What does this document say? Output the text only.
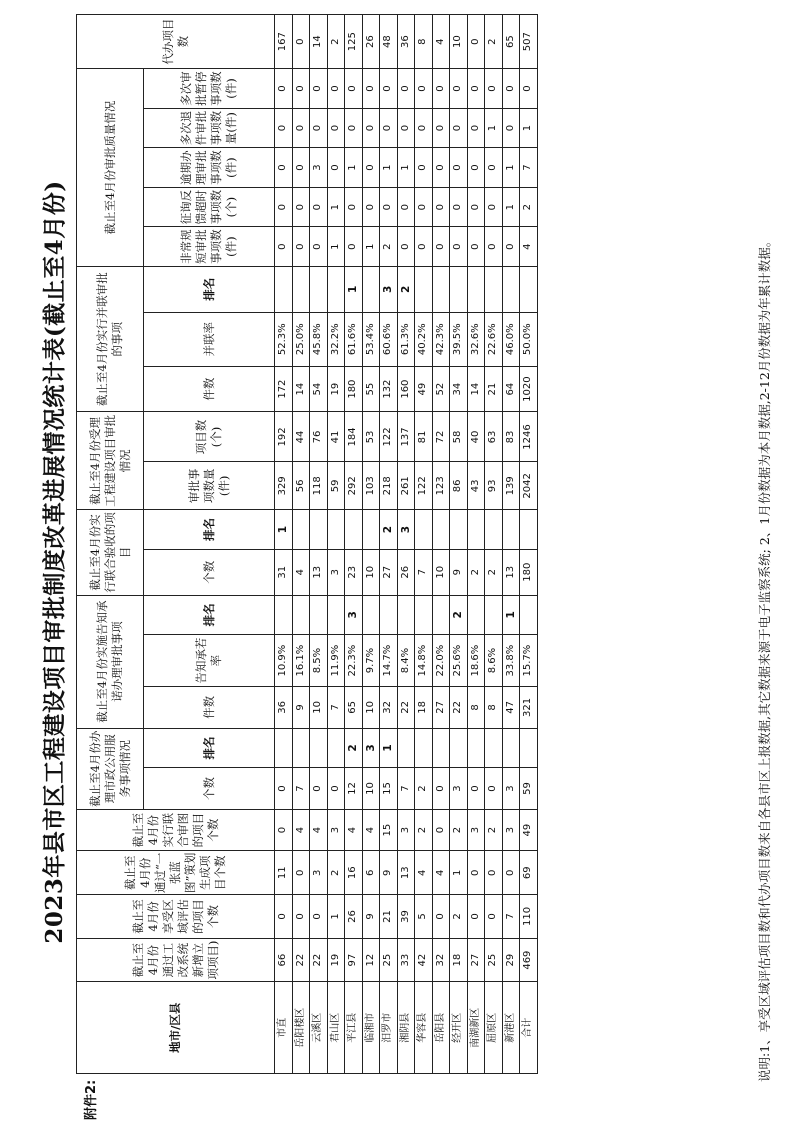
附件2:
2023年县市区工程建设项目审批制度改革进展情况统计表(截止至4月份)
地市/区县	截止至4月份通过工改系统新增立项项目)	截止至4月份享受区域评估的项目个数	截止至4月份通过“一张蓝图”策划生成项目个数	截止至4月份实行联合审图的项目个数	截止至4月份办理市政公用服务事项情况		截止至4月份实施告知承诺办理审批事项			截止至4月份实行联合验收的项目		截止至4月份受理工程建设项目审批情况		截止至4月份实行并联审批的事项			截止至4月份审批质量情况					代办项目数
																	非常规短审批事项数(件)	征询反馈超时事项数(个)	逾期办理审批事项数(件)	多次退件审批事项数量(件)	多次审批暂停事项数(件)	
					个数	排名	件数	告知承若率	排名	个数	排名	审批事项数量(件)	项目数(个)	件数	并联率	排名						
市直	66	0	11	0	0		36	10.9%		31	1	329	192	172	52.3%		0	0	0	0	0	167
岳阳楼区	22	0	0	4	7		9	16.1%		4		56	44	14	25.0%		0	0	0	0	0	0
云溪区	22	0	3	4	0		10	8.5%		13		118	76	54	45.8%		0	0	3	0	0	14
君山区	19	1	2	3	0		7	11.9%		3		59	41	19	32.2%		1	1	0	0	0	2
平江县	97	26	16	4	12	2	65	22.3%	3	23		292	184	180	61.6%	1	0	0	1	0	0	125
临湘市	12	9	6	4	10	3	10	9.7%		10		103	53	55	53.4%		1	0	0	0	0	26
汨罗市	25	21	9	15	15	1	32	14.7%		27	2	218	122	132	60.6%	3	2	0	1	0	0	48
湘阴县	33	39	13	3	7		22	8.4%		26	3	261	137	160	61.3%	2	0	0	1	0	0	36
华容县	42	5	4	2	2		18	14.8%		7		122	81	49	40.2%		0	0	0	0	0	8
岳阳县	32	0	4	0	0		27	22.0%		10		123	72	52	42.3%		0	0	0	0	0	4
经开区	18	2	1	2	3		22	25.6%	2	9		86	58	34	39.5%		0	0	0	0	0	10
南湖新区	27	0	0	3	0		8	18.6%		2		43	40	14	32.6%		0	0	0	0	0	0
屈原区	25	0	0	2	0		8	8.6%		2		93	63	21	22.6%		0	0	0	1	0	2
新港区	29	7	0	3	3		47	33.8%	1	13		139	83	64	46.0%		0	1	1	0	0	65
合计	469	110	69	49	59		321	15.7%		180		2042	1246	1020	50.0%		4	2	7	1	0	507
说明:1、享受区域评估项目数和代办项目数来自各县市区上报数据,其它数据来源于电子监察系统; 2、1月份数据为本月数据,2-12月份数据为年累计数据。
